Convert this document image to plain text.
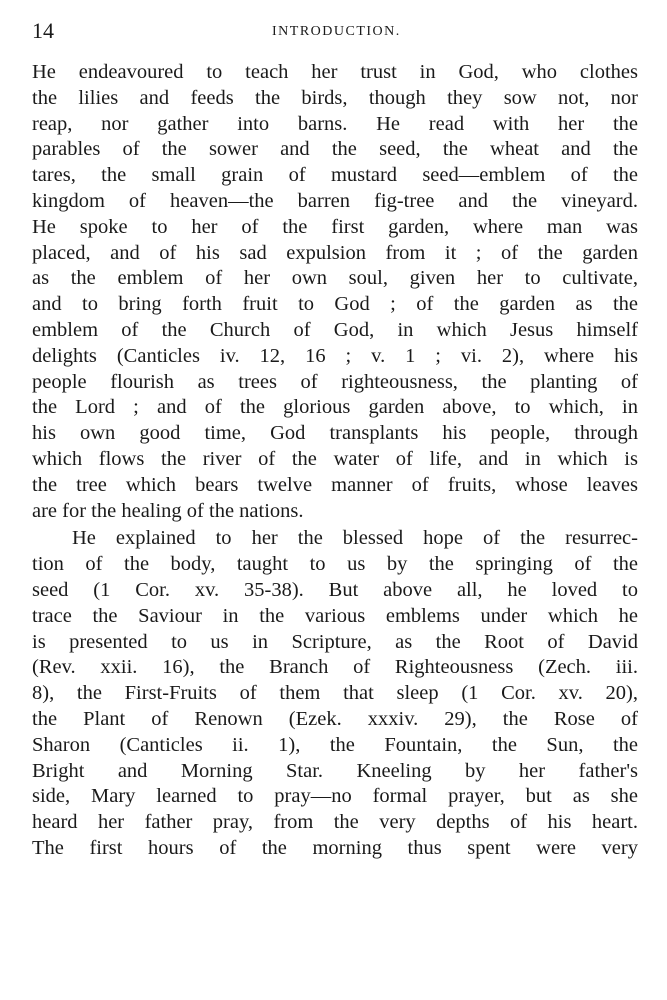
14	INTRODUCTION.
He endeavoured to teach her trust in God, who clothes
the lilies and feeds the birds, though they sow not, nor
reap, nor gather into barns. He read with her the
parables of the sower and the seed, the wheat and the
tares, the small grain of mustard seed—emblem of the
kingdom of heaven—the barren fig-tree and the vineyard.
He spoke to her of the first garden, where man was
placed, and of his sad expulsion from it ; of the garden
as the emblem of her own soul, given her to cultivate,
and to bring forth fruit to God ; of the garden as the
emblem of the Church of God, in which Jesus himself
delights (Canticles iv. 12, 16 ; v. 1 ; vi. 2), where his
people flourish as trees of righteousness, the planting of
the Lord ; and of the glorious garden above, to which, in
his own good time, God transplants his people, through
which flows the river of the water of life, and in which is
the tree which bears twelve manner of fruits, whose leaves
are for the healing of the nations.
He explained to her the blessed hope of the resurrec-
tion of the body, taught to us by the springing of the
seed (1 Cor. xv. 35-38). But above all, he loved to
trace the Saviour in the various emblems under which he
is presented to us in Scripture, as the Root of David
(Rev. xxii. 16), the Branch of Righteousness (Zech. iii.
8), the First-Fruits of them that sleep (1 Cor. xv. 20),
the Plant of Renown (Ezek. xxxiv. 29), the Rose of
Sharon (Canticles ii. 1), the Fountain, the Sun, the
Bright and Morning Star. Kneeling by her father's
side, Mary learned to pray—no formal prayer, but as she
heard her father pray, from the very depths of his heart.
The first hours of the morning thus spent were very
